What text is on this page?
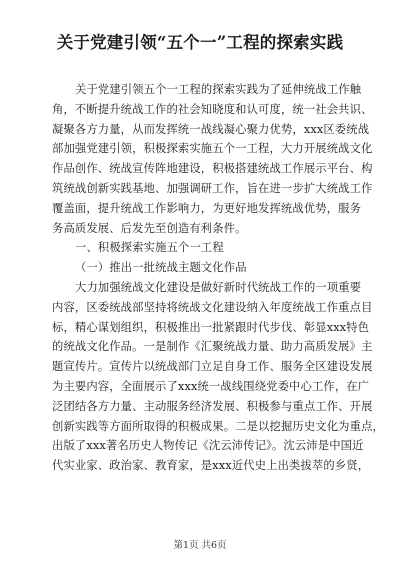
关于党建引领“五个一”工程的探索实践
关于党建引领五个一工程的探索实践为了延伸统战工作触
角，不断提升统战工作的社会知晓度和认可度，统一社会共识、
凝聚各方力量，从而发挥统一战线凝心聚力优势，xxx区委统战
部加强党建引领，积极探索实施五个一工程，大力开展统战文化
作品创作、统战宣传阵地建设，积极搭建统战工作展示平台、构
筑统战创新实践基地、加强调研工作，旨在进一步扩大统战工作
覆盖面，提升统战工作影响力，为更好地发挥统战优势，服务
务高质发展、后发先至创造有利条件。
一、积极探索实施五个一工程
（一）推出一批统战主题文化作品
大力加强统战文化建设是做好新时代统战工作的一项重要
内容，区委统战部坚持将统战文化建设纳入年度统战工作重点目
标，精心谋划组织，积极推出一批紧跟时代步伐、彰显xxx特色
的统战文化作品。一是制作《汇聚统战力量、助力高质发展》主
题宣传片。宣传片以统战部门立足自身工作、服务全区建设发展
为主要内容，全面展示了xxx统一战线围绕党委中心工作，在广
泛团结各方力量、主动服务经济发展、积极参与重点工作、开展
创新实践等方面所取得的积极成果。二是以挖掘历史文化为重点，
出版了xxx著名历史人物传记《沈云沛传记》。沈云沛是中国近
代实业家、政治家、教育家，是xxx近代史上出类拔萃的乡贤，
第1页 共6页
